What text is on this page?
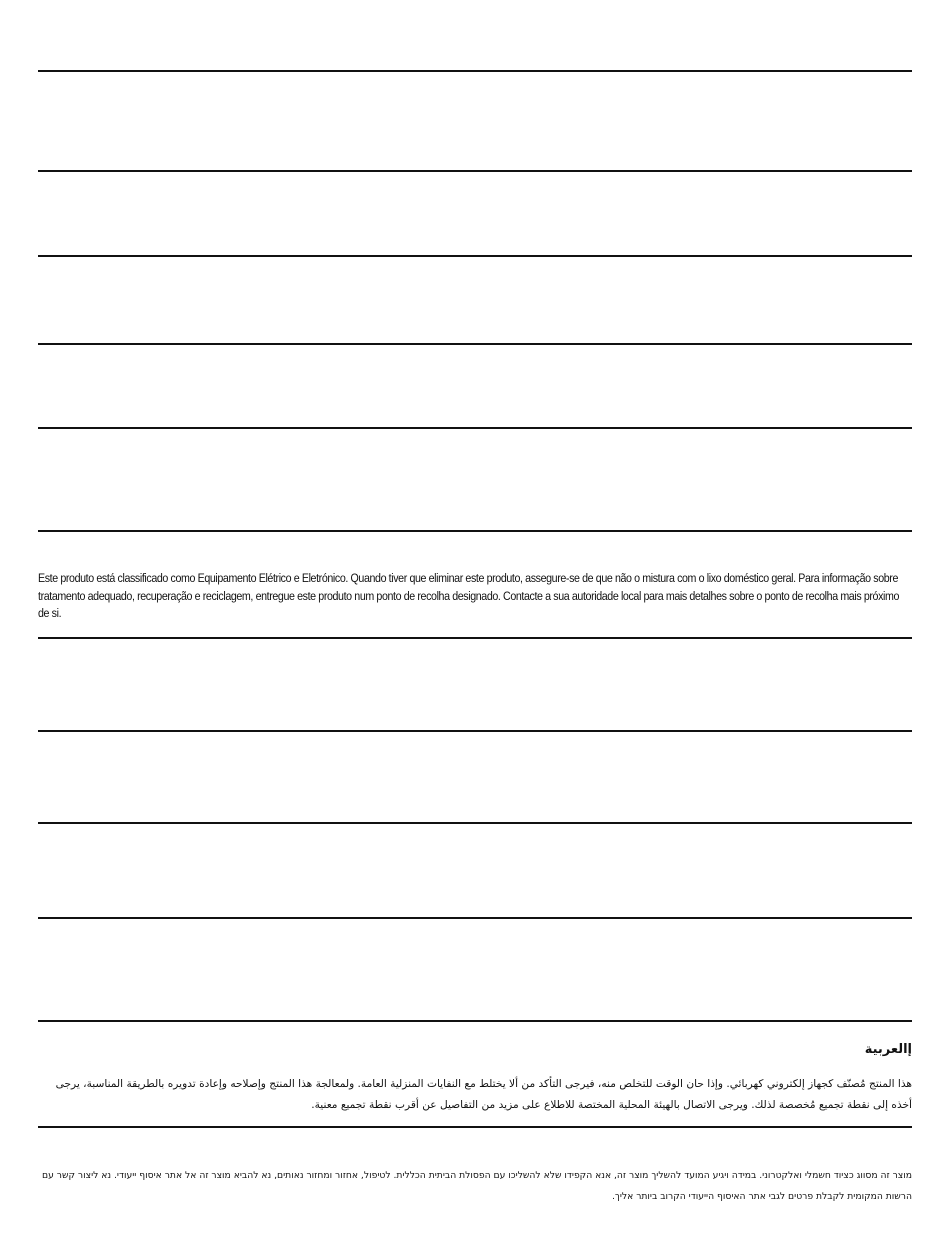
Este produto está classificado como Equipamento Elétrico e Eletrónico. Quando tiver que eliminar este produto, assegure-se de que não o mistura com o lixo doméstico geral. Para informação sobre tratamento adequado, recuperação e reciclagem, entregue este produto num ponto de recolha designado. Contacte a sua autoridade local para mais detalhes sobre o ponto de recolha mais próximo de si.

إالعربية

هذا المنتج مُصنّف كجهاز إلكتروني كهربائي. وإذا حان الوقت للتخلص منه، فيرجى التأكد من ألا يختلط مع النفايات المنزلية العامة. ولمعالجة هذا المنتج وإصلاحه وإعادة تدويره بالطريقة المناسبة، يرجى أخذه إلى نقطة تجميع مُخصصة لذلك. ويرجى الاتصال بالهيئة المحلية المختصة للاطلاع على مزيد من التفاصيل عن أقرب نقطة تجميع معنية.

מוצר זה מסווג כציוד חשמלי ואלקטרוני. במידה ויגיע המועד להשליך מוצר זה, אנא הקפידו שלא להשליכו עם הפסולת הביתית הכללית. לטיפול, אחזור ומחזור נאותים, נא להביא מוצר זה אל אתר איסוף ייעודי. נא ליצור קשר עם הרשות המקומית לקבלת פרטים לגבי אתר האיסוף הייעודי הקרוב ביותר אליך.
